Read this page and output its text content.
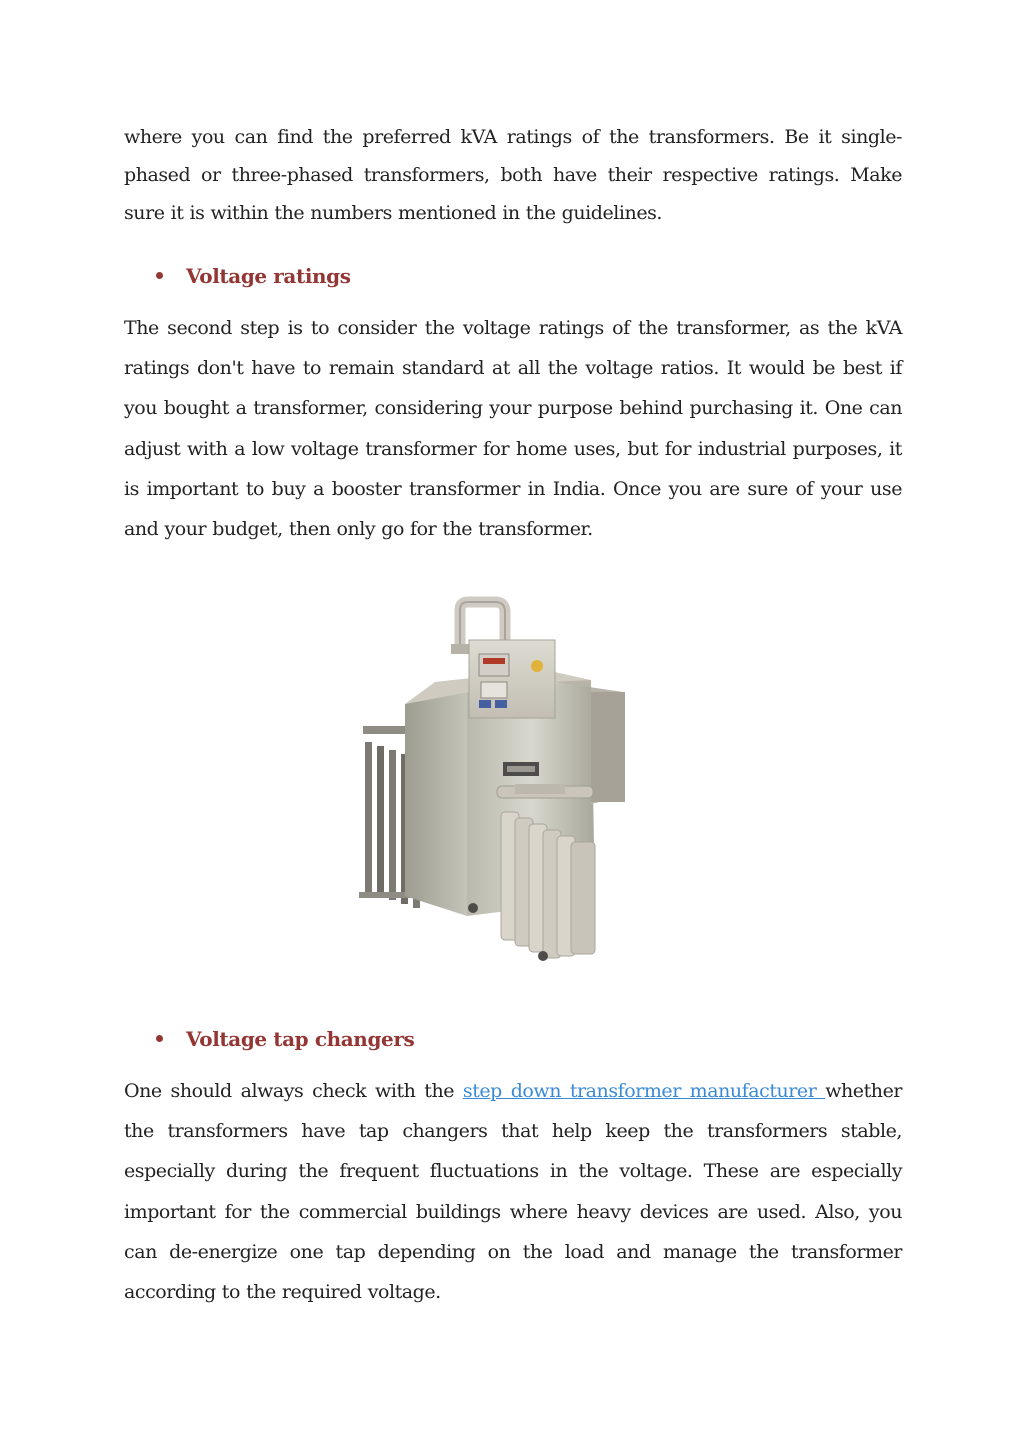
where you can find the preferred kVA ratings of the transformers. Be it single-phased or three-phased transformers, both have their respective ratings. Make sure it is within the numbers mentioned in the guidelines.

Voltage ratings

The second step is to consider the voltage ratings of the transformer, as the kVA ratings don't have to remain standard at all the voltage ratios. It would be best if you bought a transformer, considering your purpose behind purchasing it. One can adjust with a low voltage transformer for home uses, but for industrial purposes, it is important to buy a booster transformer in India. Once you are sure of your use and your budget, then only go for the transformer.

Voltage tap changers

One should always check with the step down transformer manufacturer whether the transformers have tap changers that help keep the transformers stable, especially during the frequent fluctuations in the voltage. These are especially important for the commercial buildings where heavy devices are used. Also, you can de-energize one tap depending on the load and manage the transformer according to the required voltage.
